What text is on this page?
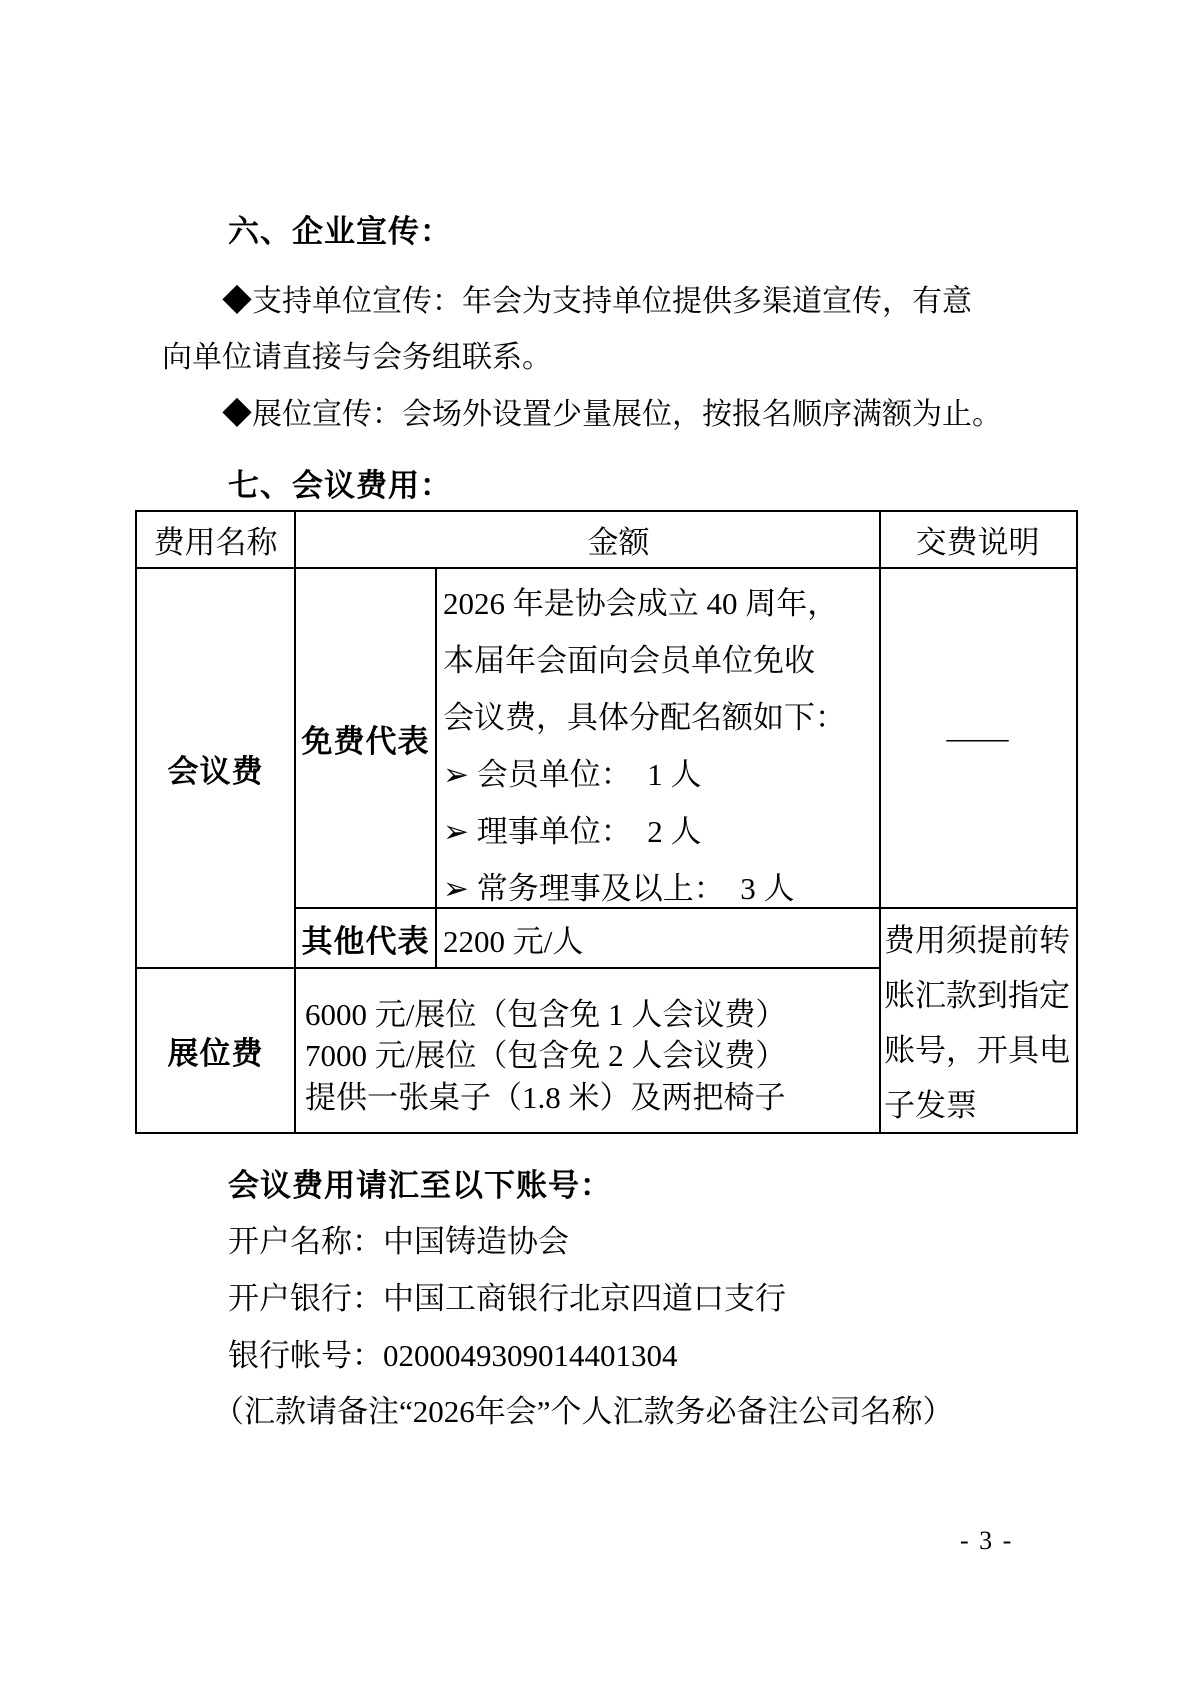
六、企业宣传：
◆支持单位宣传：年会为支持单位提供多渠道宣传，有意
向单位请直接与会务组联系。
◆展位宣传：会场外设置少量展位，按报名顺序满额为止。
七、会议费用：
费用名称	金额	交费说明
会议费
展位费
免费代表
其他代表
2026 年是协会成立 40 周年，
本届年会面向会员单位免收
会议费，具体分配名额如下：
➢ 会员单位：  1 人
➢ 理事单位：  2 人
➢ 常务理事及以上：  3 人
——
2200 元/人
6000 元/展位（包含免 1 人会议费）
7000 元/展位（包含免 2 人会议费）
提供一张桌子（1.8 米）及两把椅子
费用须提前转
账汇款到指定
账号，开具电
子发票
会议费用请汇至以下账号：
开户名称：中国铸造协会
开户银行：中国工商银行北京四道口支行
银行帐号：0200049309014401304
（汇款请备注“2026年会”个人汇款务必备注公司名称）
- 3 -
